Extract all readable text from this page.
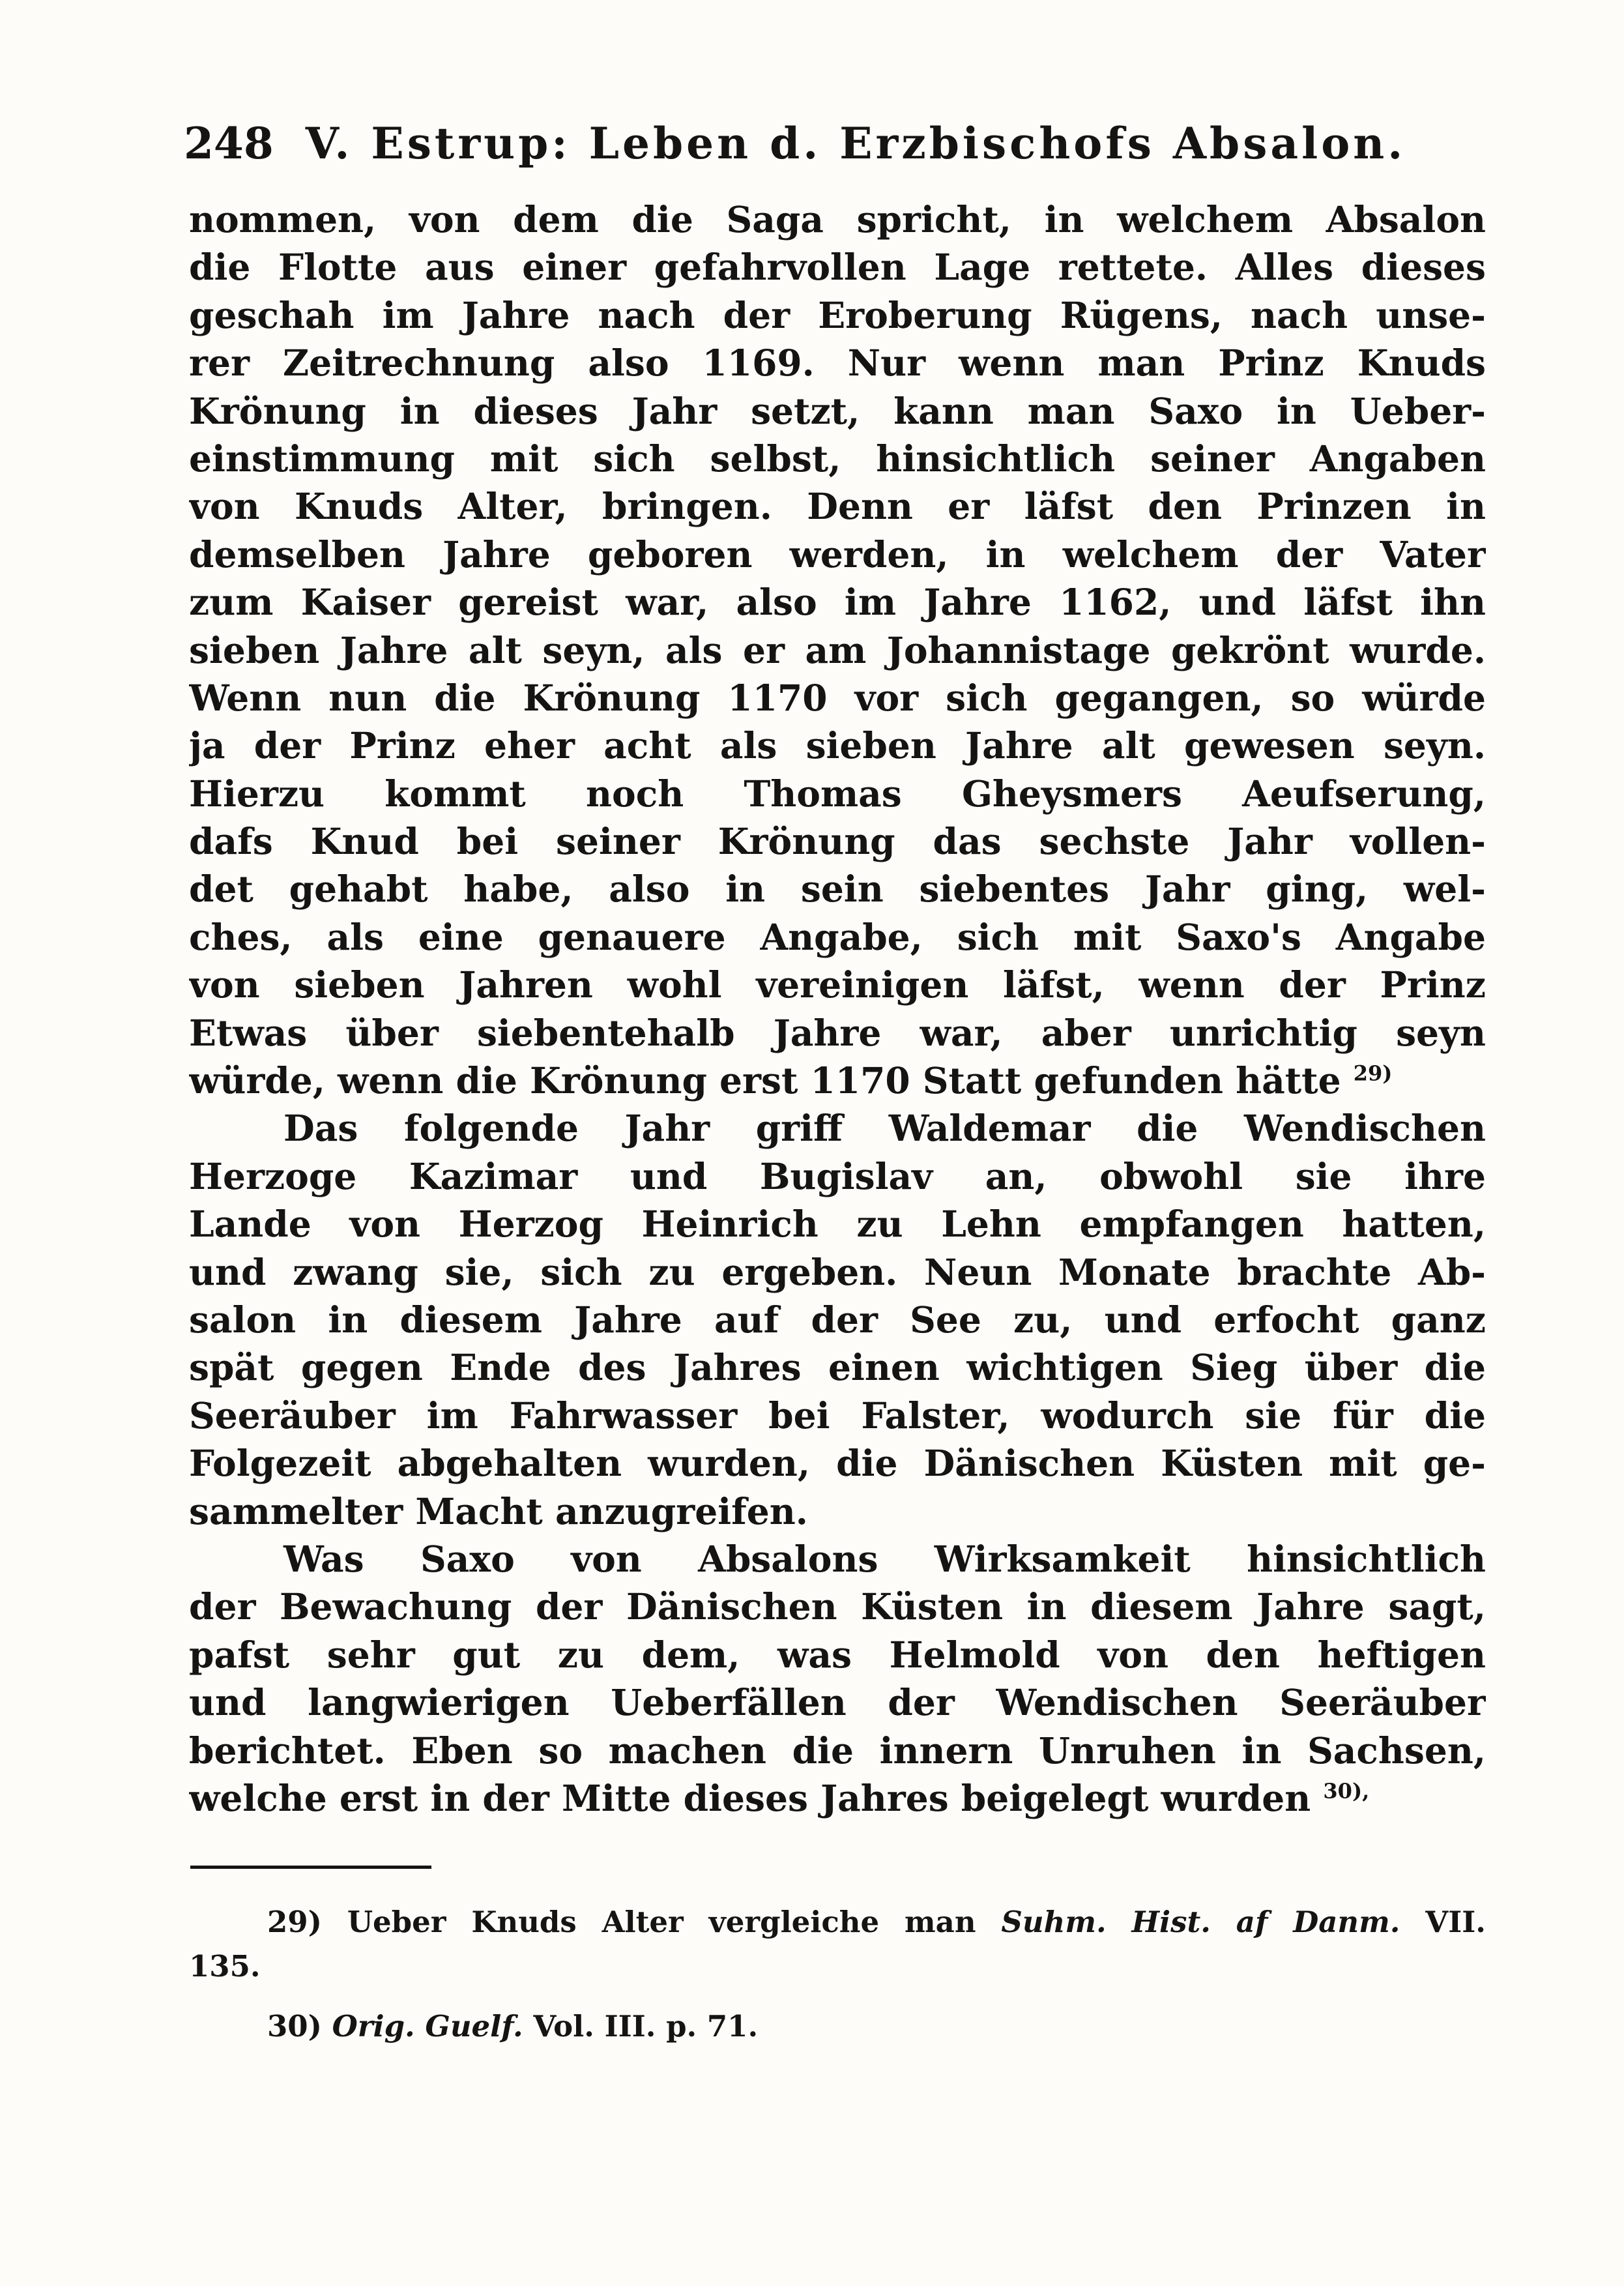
248 V. Estrup: Leben d. Erzbischofs Absalon.
nommen, von dem die Saga spricht, in welchem Absalon
die Flotte aus einer gefahrvollen Lage rettete. Alles dieses
geschah im Jahre nach der Eroberung Rügens, nach unse-
rer Zeitrechnung also 1169. Nur wenn man Prinz Knuds
Krönung in dieses Jahr setzt, kann man Saxo in Ueber-
einstimmung mit sich selbst, hinsichtlich seiner Angaben
von Knuds Alter, bringen. Denn er läfst den Prinzen in
demselben Jahre geboren werden, in welchem der Vater
zum Kaiser gereist war, also im Jahre 1162, und läfst ihn
sieben Jahre alt seyn, als er am Johannistage gekrönt wurde.
Wenn nun die Krönung 1170 vor sich gegangen, so würde
ja der Prinz eher acht als sieben Jahre alt gewesen seyn.
Hierzu kommt noch Thomas Gheysmers Aeufserung,
dafs Knud bei seiner Krönung das sechste Jahr vollen-
det gehabt habe, also in sein siebentes Jahr ging, wel-
ches, als eine genauere Angabe, sich mit Saxo's Angabe
von sieben Jahren wohl vereinigen läfst, wenn der Prinz
Etwas über siebentehalb Jahre war, aber unrichtig seyn
würde, wenn die Krönung erst 1170 Statt gefunden hätte $^{29)}$
Das folgende Jahr griff Waldemar die Wendischen
Herzoge Kazimar und Bugislav an, obwohl sie ihre
Lande von Herzog Heinrich zu Lehn empfangen hatten,
und zwang sie, sich zu ergeben. Neun Monate brachte Ab-
salon in diesem Jahre auf der See zu, und erfocht ganz
spät gegen Ende des Jahres einen wichtigen Sieg über die
Seeräuber im Fahrwasser bei Falster, wodurch sie für die
Folgezeit abgehalten wurden, die Dänischen Küsten mit ge-
sammelter Macht anzugreifen.
Was Saxo von Absalons Wirksamkeit hinsichtlich
der Bewachung der Dänischen Küsten in diesem Jahre sagt,
pafst sehr gut zu dem, was Helmold von den heftigen
und langwierigen Ueberfällen der Wendischen Seeräuber
berichtet. Eben so machen die innern Unruhen in Sachsen,
welche erst in der Mitte dieses Jahres beigelegt wurden $^{30),}$
29) Ueber Knuds Alter vergleiche man Suhm. Hist. af Danm. VII.
135.
30) Orig. Guelf. Vol. III. p. 71.
